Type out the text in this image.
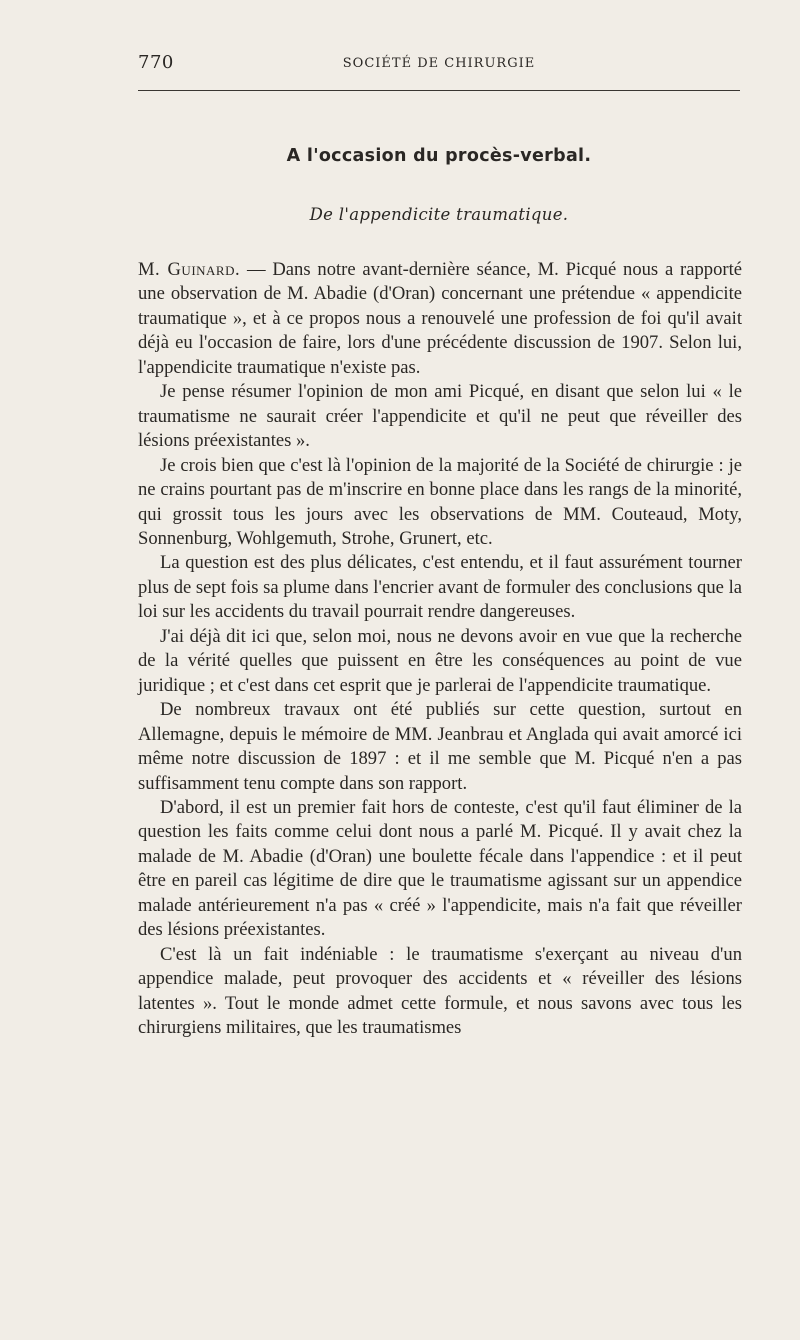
770	SOCIÉTÉ DE CHIRURGIE
A l'occasion du procès-verbal.
De l'appendicite traumatique.

M. Guinard. — Dans notre avant-dernière séance, M. Picqué nous a rapporté une observation de M. Abadie (d'Oran) concernant une prétendue « appendicite traumatique », et à ce propos nous a renouvelé une profession de foi qu'il avait déjà eu l'occasion de faire, lors d'une précédente discussion de 1907. Selon lui, l'appendicite traumatique n'existe pas.

Je pense résumer l'opinion de mon ami Picqué, en disant que selon lui « le traumatisme ne saurait créer l'appendicite et qu'il ne peut que réveiller des lésions préexistantes ».

Je crois bien que c'est là l'opinion de la majorité de la Société de chirurgie : je ne crains pourtant pas de m'inscrire en bonne place dans les rangs de la minorité, qui grossit tous les jours avec les observations de MM. Couteaud, Moty, Sonnenburg, Wohlgemuth, Strohe, Grunert, etc.

La question est des plus délicates, c'est entendu, et il faut assurément tourner plus de sept fois sa plume dans l'encrier avant de formuler des conclusions que la loi sur les accidents du travail pourrait rendre dangereuses.

J'ai déjà dit ici que, selon moi, nous ne devons avoir en vue que la recherche de la vérité quelles que puissent en être les conséquences au point de vue juridique ; et c'est dans cet esprit que je parlerai de l'appendicite traumatique.

De nombreux travaux ont été publiés sur cette question, surtout en Allemagne, depuis le mémoire de MM. Jeanbrau et Anglada qui avait amorcé ici même notre discussion de 1897 : et il me semble que M. Picqué n'en a pas suffisamment tenu compte dans son rapport.

D'abord, il est un premier fait hors de conteste, c'est qu'il faut éliminer de la question les faits comme celui dont nous a parlé M. Picqué. Il y avait chez la malade de M. Abadie (d'Oran) une boulette fécale dans l'appendice : et il peut être en pareil cas légitime de dire que le traumatisme agissant sur un appendice malade antérieurement n'a pas « créé » l'appendicite, mais n'a fait que réveiller des lésions préexistantes.

C'est là un fait indéniable : le traumatisme s'exerçant au niveau d'un appendice malade, peut provoquer des accidents et « réveiller des lésions latentes ». Tout le monde admet cette formule, et nous savons avec tous les chirurgiens militaires, que les traumatismes
